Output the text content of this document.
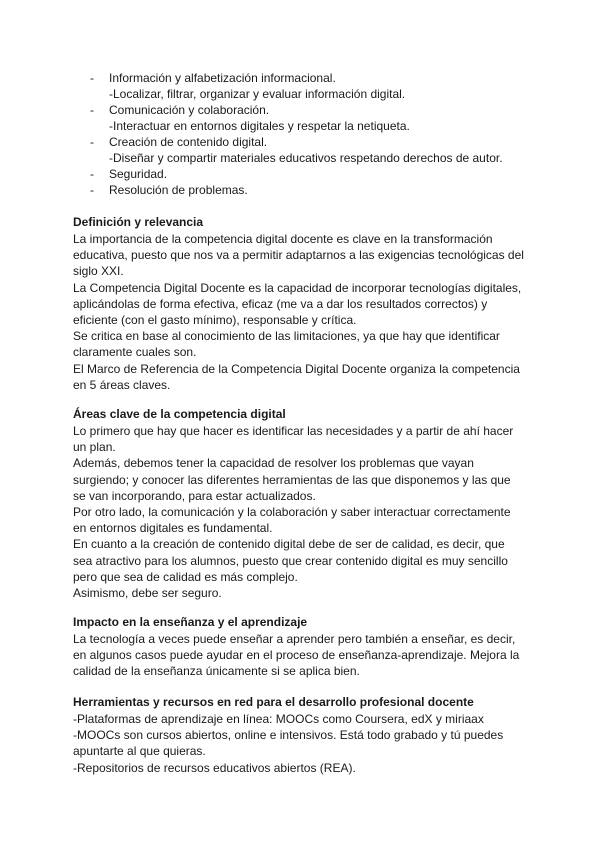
- Información y alfabetización informacional.
-Localizar, filtrar, organizar y evaluar información digital.
- Comunicación y colaboración.
-Interactuar en entornos digitales y respetar la netiqueta.
- Creación de contenido digital.
-Diseñar y compartir materiales educativos respetando derechos de autor.
- Seguridad.
- Resolución de problemas.
Definición y relevancia
La importancia de la competencia digital docente es clave en la transformación
educativa, puesto que nos va a permitir adaptarnos a las exigencias tecnológicas del
siglo XXI.
La Competencia Digital Docente es la capacidad de incorporar tecnologías digitales,
aplicándolas de forma efectiva, eficaz (me va a dar los resultados correctos) y
eficiente (con el gasto mínimo), responsable y crítica.
Se critica en base al conocimiento de las limitaciones, ya que hay que identificar
claramente cuales son.
El Marco de Referencia de la Competencia Digital Docente organiza la competencia
en 5 áreas claves.
Áreas clave de la competencia digital
Lo primero que hay que hacer es identificar las necesidades y a partir de ahí hacer
un plan.
Además, debemos tener la capacidad de resolver los problemas que vayan
surgiendo; y conocer las diferentes herramientas de las que disponemos y las que
se van incorporando, para estar actualizados.
Por otro lado, la comunicación y la colaboración y saber interactuar correctamente
en entornos digitales es fundamental.
En cuanto a la creación de contenido digital debe de ser de calidad, es decir, que
sea atractivo para los alumnos, puesto que crear contenido digital es muy sencillo
pero que sea de calidad es más complejo.
Asimismo, debe ser seguro.
Impacto en la enseñanza y el aprendizaje
La tecnología a veces puede enseñar a aprender pero también a enseñar, es decir,
en algunos casos puede ayudar en el proceso de enseñanza-aprendizaje. Mejora la
calidad de la enseñanza únicamente si se aplica bien.
Herramientas y recursos en red para el desarrollo profesional docente
-Plataformas de aprendizaje en línea: MOOCs como Coursera, edX y miriaax
-MOOCs son cursos abiertos, online e intensivos. Está todo grabado y tú puedes
apuntarte al que quieras.
-Repositorios de recursos educativos abiertos (REA).
